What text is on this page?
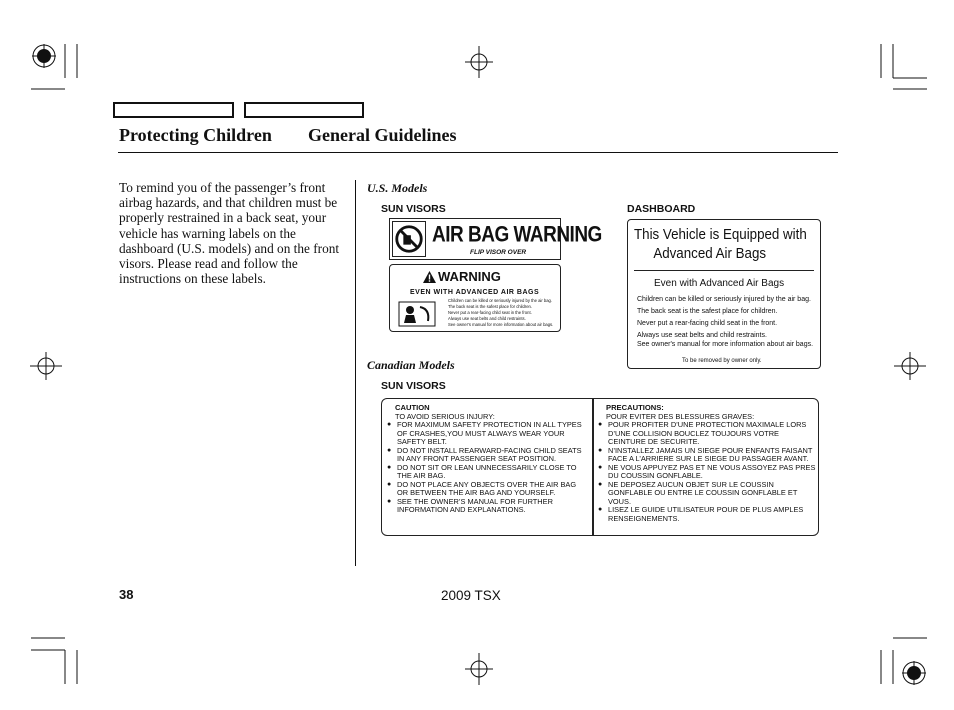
Protecting Children General Guidelines
To remind you of the passenger’s front airbag hazards, and that children must be properly restrained in a back seat, your vehicle has warning labels on the dashboard (U.S. models) and on the front visors. Please read and follow the instructions on these labels.
U.S. Models
SUN VISORS	DASHBOARD
AIR BAG WARNING
FLIP VISOR OVER
WARNING
EVEN WITH ADVANCED AIR BAGS
Children can be killed or seriously injured by the air bag.
The back seat is the safest place for children.
Never put a rear-facing child seat in the front.
Always use seat belts and child restraints.
See owner's manual for more information about air bags.
This Vehicle is Equipped with
Advanced Air Bags
Even with Advanced Air Bags
Children can be killed or seriously injured by the air bag.
The back seat is the safest place for children.
Never put a rear-facing child seat in the front.
Always use seat belts and child restraints.
See owner's manual for more information about air bags.
To be removed by owner only.
Canadian Models
SUN VISORS
CAUTION
TO AVOID SERIOUS INJURY:
● FOR MAXIMUM SAFETY PROTECTION IN ALL TYPES OF CRASHES,YOU MUST ALWAYS WEAR YOUR SAFETY BELT.
● DO NOT INSTALL REARWARD-FACING CHILD SEATS IN ANY FRONT PASSENGER SEAT POSITION.
● DO NOT SIT OR LEAN UNNECESSARILY CLOSE TO THE AIR BAG.
● DO NOT PLACE ANY OBJECTS OVER THE AIR BAG OR BETWEEN THE AIR BAG AND YOURSELF.
● SEE THE OWNER’S MANUAL FOR FURTHER INFORMATION AND EXPLANATIONS.
PRECAUTIONS:
POUR EVITER DES BLESSURES GRAVES:
● POUR PROFITER D’UNE PROTECTION MAXIMALE LORS D’UNE COLLISION BOUCLEZ TOUJOURS VOTRE CEINTURE DE SECURITE.
● N’INSTALLEZ JAMAIS UN SIEGE POUR ENFANTS FAISANT FACE A L’ARRIERE SUR LE SIEGE DU PASSAGER AVANT.
● NE VOUS APPUYEZ PAS ET NE VOUS ASSOYEZ PAS PRES DU COUSSIN GONFLABLE.
● NE DEPOSEZ AUCUN OBJET SUR LE COUSSIN GONFLABLE OU ENTRE LE COUSSIN GONFLABLE ET VOUS.
● LISEZ LE GUIDE UTILISATEUR POUR DE PLUS AMPLES RENSEIGNEMENTS.
38	2009 TSX
